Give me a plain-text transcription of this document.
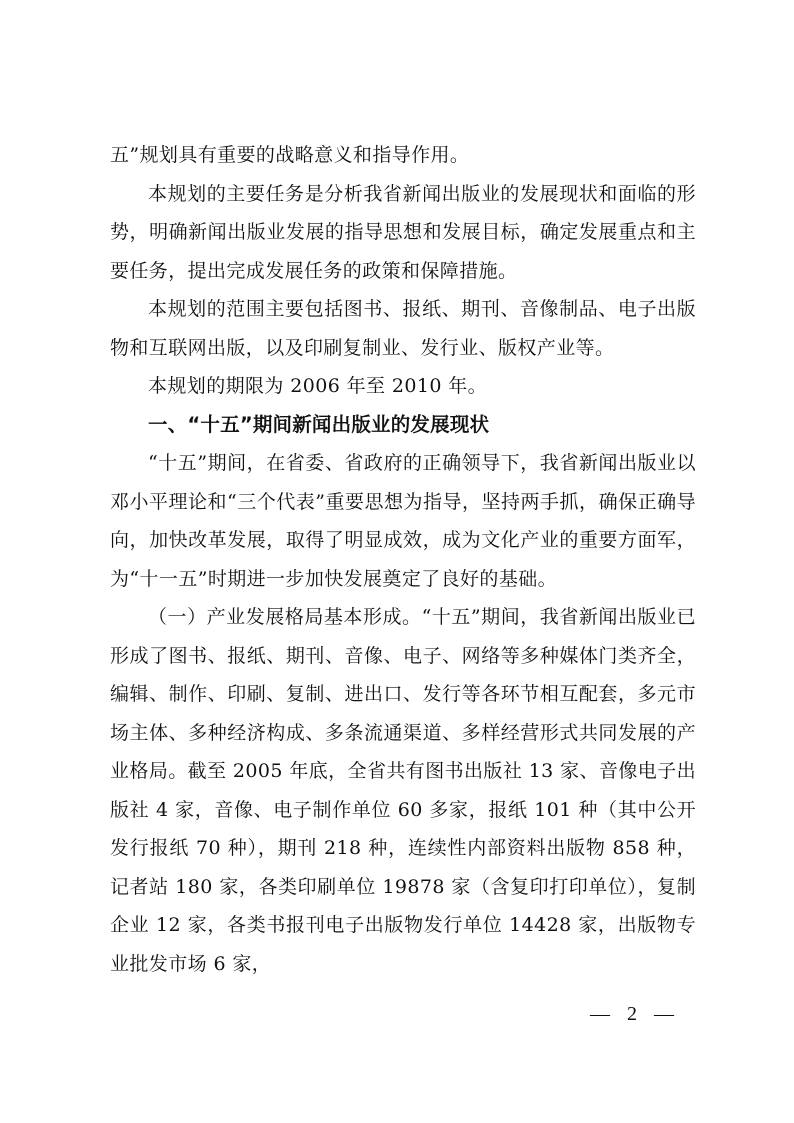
五”规划具有重要的战略意义和指导作用。

本规划的主要任务是分析我省新闻出版业的发展现状和面临的形势，明确新闻出版业发展的指导思想和发展目标，确定发展重点和主要任务，提出完成发展任务的政策和保障措施。

本规划的范围主要包括图书、报纸、期刊、音像制品、电子出版物和互联网出版，以及印刷复制业、发行业、版权产业等。

本规划的期限为 2006 年至 2010 年。

一、“十五”期间新闻出版业的发展现状

“十五”期间，在省委、省政府的正确领导下，我省新闻出版业以邓小平理论和“三个代表”重要思想为指导，坚持两手抓，确保正确导向，加快改革发展，取得了明显成效，成为文化产业的重要方面军，为“十一五”时期进一步加快发展奠定了良好的基础。

（一）产业发展格局基本形成。“十五”期间，我省新闻出版业已形成了图书、报纸、期刊、音像、电子、网络等多种媒体门类齐全，编辑、制作、印刷、复制、进出口、发行等各环节相互配套，多元市场主体、多种经济构成、多条流通渠道、多样经营形式共同发展的产业格局。截至 2005 年底，全省共有图书出版社 13 家、音像电子出版社 4 家，音像、电子制作单位 60 多家，报纸 101 种（其中公开发行报纸 70 种），期刊 218 种，连续性内部资料出版物 858 种，记者站 180 家，各类印刷单位 19878 家（含复印打印单位），复制企业 12 家，各类书报刊电子出版物发行单位 14428 家，出版物专业批发市场 6 家，

— 2 —
